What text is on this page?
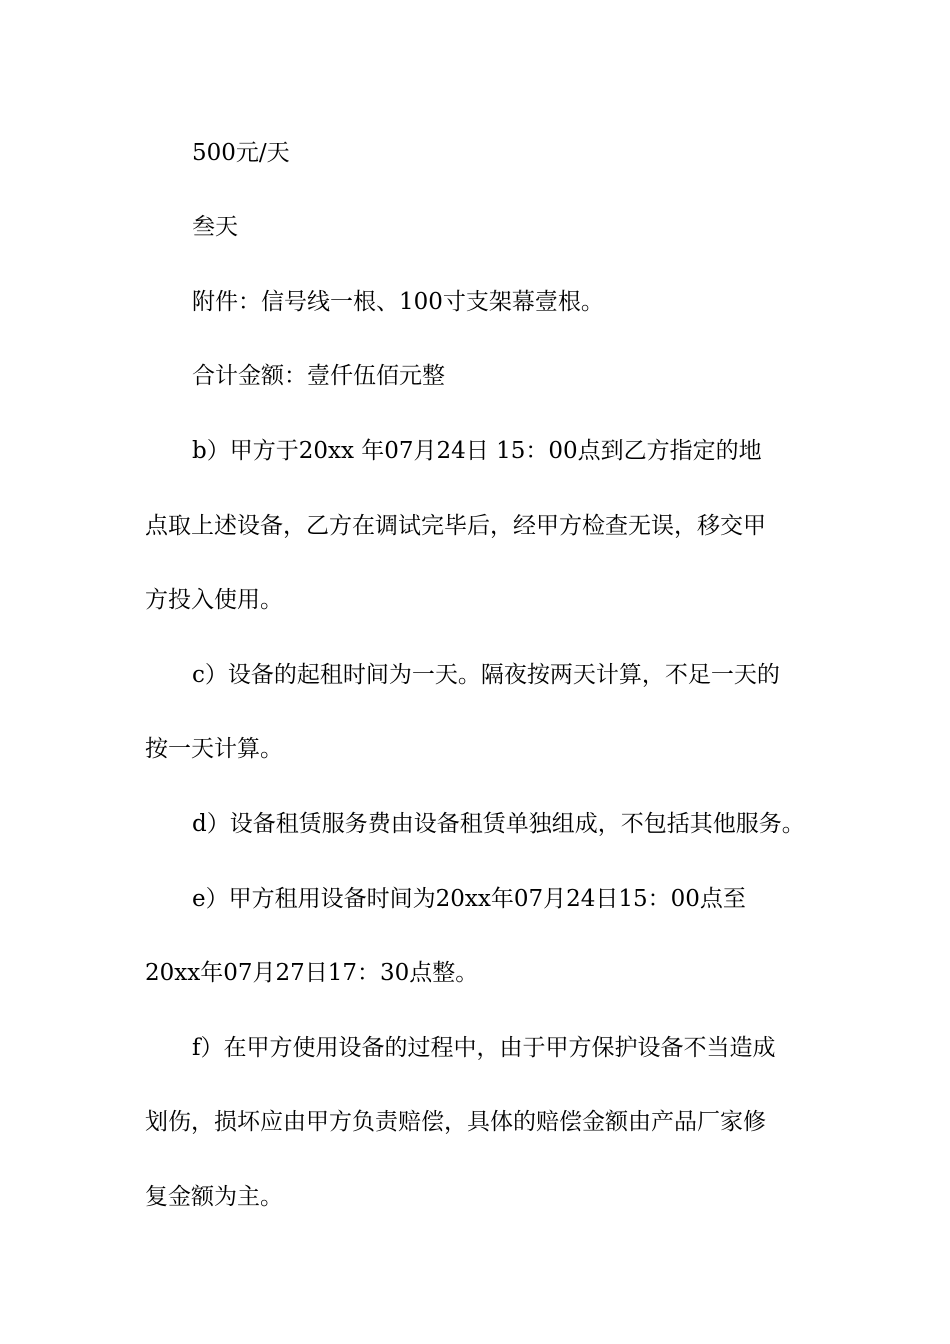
500元/天
叁天
附件：信号线一根、100寸支架幕壹根。
合计金额：壹仟伍佰元整
b）甲方于20xx 年07月24日 15：00点到乙方指定的地
点取上述设备，乙方在调试完毕后，经甲方检查无误，移交甲
方投入使用。
c）设备的起租时间为一天。隔夜按两天计算，不足一天的
按一天计算。
d）设备租赁服务费由设备租赁单独组成，不包括其他服务。
e）甲方租用设备时间为20xx年07月24日15：00点至
20xx年07月27日17：30点整。
f）在甲方使用设备的过程中，由于甲方保护设备不当造成
划伤，损坏应由甲方负责赔偿，具体的赔偿金额由产品厂家修
复金额为主。
